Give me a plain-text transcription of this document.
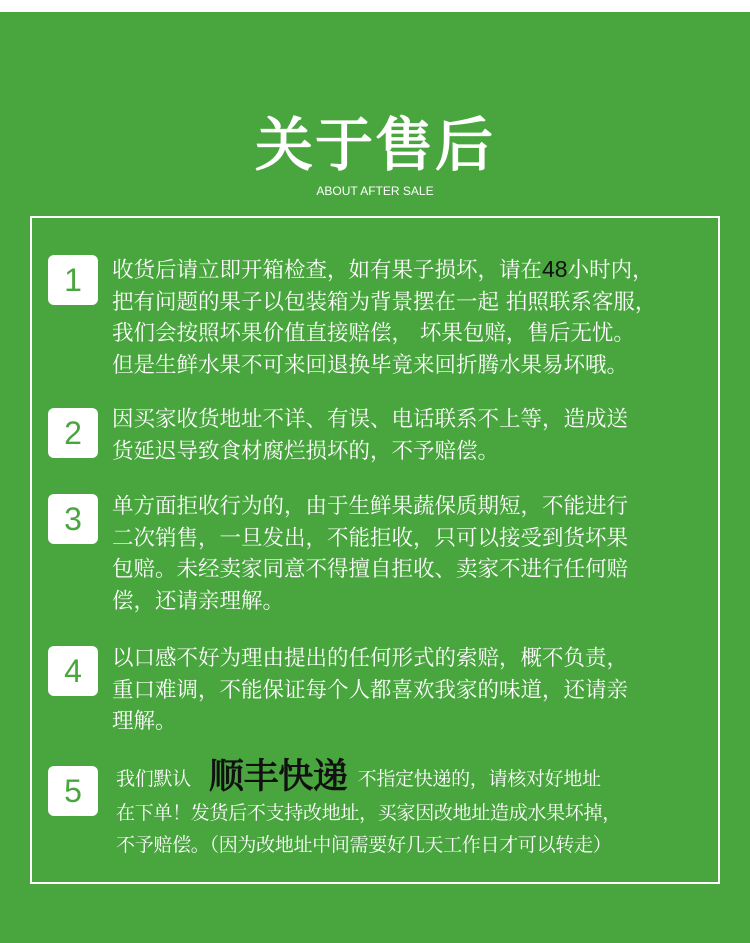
关于售后
ABOUT AFTER SALE
1	收货后请立即开箱检查，如有果子损坏，请在48小时内，
把有问题的果子以包装箱为背景摆在一起 拍照联系客服，
我们会按照坏果价值直接赔偿， 坏果包赔，售后无忧。
但是生鲜水果不可来回退换毕竟来回折腾水果易坏哦。
2	因买家收货地址不详、有误、电话联系不上等，造成送
货延迟导致食材腐烂损坏的，不予赔偿。
3	单方面拒收行为的，由于生鲜果蔬保质期短，不能进行
二次销售，一旦发出，不能拒收，只可以接受到货坏果
包赔。未经卖家同意不得擅自拒收、卖家不进行任何赔
偿，还请亲理解。
4	以口感不好为理由提出的任何形式的索赔，概不负责，
重口难调，不能保证每个人都喜欢我家的味道，还请亲
理解。
5	我们默认 顺丰快递 不指定快递的，请核对好地址
在下单！发货后不支持改地址，买家因改地址造成水果坏掉，
不予赔偿。（因为改地址中间需要好几天工作日才可以转走）
